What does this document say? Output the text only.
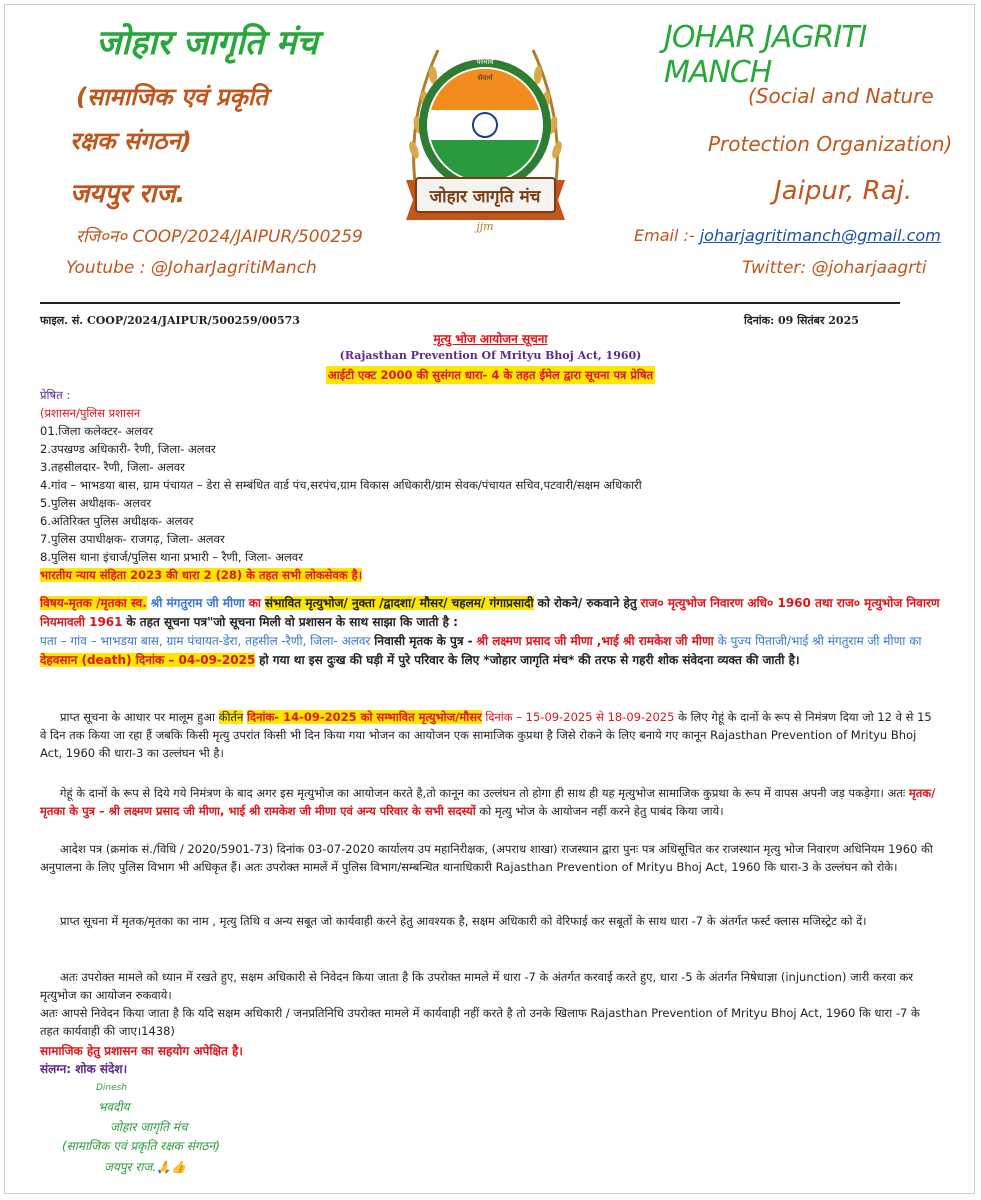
जोहार जागृति मंच
(सामाजिक एवं प्रकृति
रक्षक संगठन)
जयपुर राज.
रजि०न० COOP/2024/JAIPUR/500259
Youtube : @JoharJagritiManch
परमार्थ
सेवार्थ
जोहार जागृति मंच
jjm
JOHAR JAGRITI MANCH
(Social and Nature
Protection Organization)
Jaipur, Raj.
Email :- joharjagritimanch@gmail.com
Twitter: @joharjaagrti
फाइल. सं. COOP/2024/JAIPUR/500259/00573	दिनांक: 09 सितंबर 2025
मृत्यु भोज आयोजन सूचना
(Rajasthan Prevention Of Mrityu Bhoj Act, 1960)
आईटी एक्ट 2000 की सुसंगत धारा- 4 के तहत ईमेल द्वारा सूचना पत्र प्रेषित
प्रेषित :
(प्रशासन/पुलिस प्रशासन
01.जिला कलेक्टर- अलवर
2.उपखण्ड अधिकारी- रैणी, जिला- अलवर
3.तहसीलदार- रैणी, जिला- अलवर
4.गांव – भाभडया बास, ग्राम पंचायत – डेरा से सम्बंधित वार्ड पंच,सरपंच,ग्राम विकास अधिकारी/ग्राम सेवक/पंचायत सचिव,पटवारी/सक्षम अधिकारी
5.पुलिस अधीक्षक- अलवर
6.अतिरिक्त पुलिस अधीक्षक- अलवर
7.पुलिस उपाधीक्षक- राजगढ़, जिला- अलवर
8.पुलिस थाना इंचार्ज/पुलिस थाना प्रभारी – रैणी, जिला- अलवर
भारतीय न्याय संहिता 2023 की धारा 2 (28) के तहत सभी लोकसेवक है।
विषय-मृतक /मृतका स्व. श्री मंगतुराम जी मीणा का संभावित मृत्युभोज/ नुक्ता /द्वादशा/ मौसर/ चहलम/ गंगाप्रसादी को रोकने/ रुकवाने हेतु राज० मृत्युभोज निवारण अधि० 1960 तथा राज० मृत्युभोज निवारण नियमावली 1961 के तहत सूचना पत्र"जो सूचना मिली वो प्रशासन के साथ साझा कि जाती है :
पता – गांव – भाभडया बास, ग्राम पंचायत-डेरा, तहसील -रैणी, जिला- अलवर निवासी मृतक के पुत्र - श्री लक्ष्मण प्रसाद जी मीणा ,भाई श्री रामकेश जी मीणा के पुज्य पिताजी/भाई श्री मंगतुराम जी मीणा का देहवसान (death) दिनांक – 04-09-2025 हो गया था इस दुःख की घड़ी में पुरे परिवार के लिए *जोहार जागृति मंच* की तरफ से गहरी शोक संवेदना व्यक्त की जाती है।
प्राप्त सूचना के आधार पर मालूम हुआ कीर्तन दिनांक- 14-09-2025 को सम्भावित मृत्युभोज/मौसर दिनांक – 15-09-2025 से 18-09-2025 के लिए गेहूं के दानों के रूप से निमंत्रण दिया जो 12 वे से 15 वे दिन तक किया जा रहा हैं जबकि किसी मृत्यु उपरांत किसी भी दिन किया गया भोजन का आयोजन एक सामाजिक कुप्रथा है जिसे रोकने के लिए बनाये गए कानून Rajasthan Prevention of Mrityu Bhoj Act, 1960 की धारा-3 का उल्लंघन भी है।
गेहूं के दानों के रूप से दिये गये निमंत्रण के बाद अगर इस मृत्युभोज का आयोजन करते है,तो कानून का उल्लंघन तो होगा ही साथ ही यह मृत्युभोज सामाजिक कुप्रथा के रूप में वापस अपनी जड़ पकड़ेगा। अतः मृतक/मृतका के पुत्र – श्री लक्ष्मण प्रसाद जी मीणा, भाई श्री रामकेश जी मीणा एवं अन्य परिवार के सभी सदस्यों को मृत्यु भोज के आयोजन नहीं करने हेतु पाबंद किया जाये।
आदेश पत्र (क्रमांक सं./विधि / 2020/5901-73) दिनांक 03-07-2020 कार्यालय उप महानिरीक्षक, (अपराध शाखा) राजस्थान द्वारा पुनः पत्र अधिसूचित कर राजस्थान मृत्यु भोज निवारण अधिनियम 1960 की अनुपालना के लिए पुलिस विभाग भी अधिकृत हैं। अतः उपरोक्त मामलें में पुलिस विभाग/सम्बन्धित थानाधिकारी Rajasthan Prevention of Mrityu Bhoj Act, 1960 कि धारा-3 के उल्लंघन को रोके।
प्राप्त सूचना में मृतक/मृतका का नाम , मृत्यु तिथि व अन्य सबूत जो कार्यवाही करने हेतु आवश्यक है, सक्षम अधिकारी को वेरिफाई कर सबूतों के साथ धारा -7 के अंतर्गत फर्स्ट क्लास मजिस्ट्रेट को दें।
अतः उपरोक्त मामले को ध्यान में रखते हुए, सक्षम अधिकारी से निवेदन किया जाता है कि उपरोक्त मामले में धारा -7 के अंतर्गत करवाई करते हुए, धारा -5 के अंतर्गत निषेधाज्ञा (injunction) जारी करवा कर मृत्युभोज का आयोजन रुकवाये।
अतः आपसे निवेदन किया जाता है कि यदि सक्षम अधिकारी / जनप्रतिनिधि उपरोक्त मामले में कार्यवाही नहीं करते है तो उनके खिलाफ Rajasthan Prevention of Mrityu Bhoj Act, 1960 कि धारा -7 के तहत कार्यवाही की जाए।1438)
सामाजिक हेतु प्रशासन का सहयोग अपेक्षित है।
संलग्न: शोक संदेश।
Dinesh
भवदीय
जोहार जागृति मंच
(सामाजिक एवं प्रकृति रक्षक संगठन)
जयपुर राज.🙏👍
